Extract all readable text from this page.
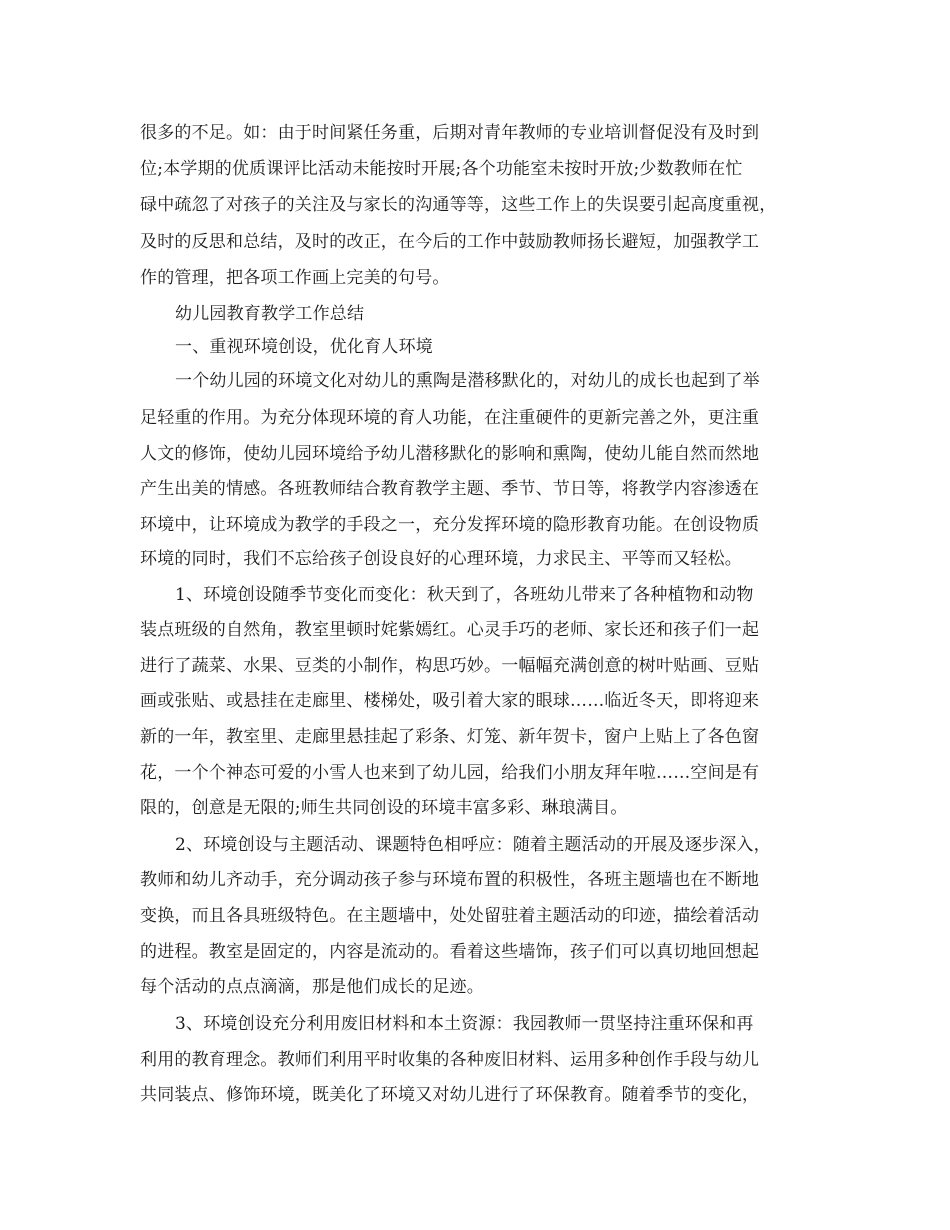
很多的不足。如：由于时间紧任务重，后期对青年教师的专业培训督促没有及时到
位;本学期的优质课评比活动未能按时开展;各个功能室未按时开放;少数教师在忙
碌中疏忽了对孩子的关注及与家长的沟通等等，这些工作上的失误要引起高度重视，
及时的反思和总结，及时的改正，在今后的工作中鼓励教师扬长避短，加强教学工
作的管理，把各项工作画上完美的句号。
幼儿园教育教学工作总结
一、重视环境创设，优化育人环境
一个幼儿园的环境文化对幼儿的熏陶是潜移默化的，对幼儿的成长也起到了举
足轻重的作用。为充分体现环境的育人功能，在注重硬件的更新完善之外，更注重
人文的修饰，使幼儿园环境给予幼儿潜移默化的影响和熏陶，使幼儿能自然而然地
产生出美的情感。各班教师结合教育教学主题、季节、节日等，将教学内容渗透在
环境中，让环境成为教学的手段之一，充分发挥环境的隐形教育功能。在创设物质
环境的同时，我们不忘给孩子创设良好的心理环境，力求民主、平等而又轻松。
1、环境创设随季节变化而变化：秋天到了，各班幼儿带来了各种植物和动物
装点班级的自然角，教室里顿时姹紫嫣红。心灵手巧的老师、家长还和孩子们一起
进行了蔬菜、水果、豆类的小制作，构思巧妙。一幅幅充满创意的树叶贴画、豆贴
画或张贴、或悬挂在走廊里、楼梯处，吸引着大家的眼球……临近冬天，即将迎来
新的一年，教室里、走廊里悬挂起了彩条、灯笼、新年贺卡，窗户上贴上了各色窗
花，一个个神态可爱的小雪人也来到了幼儿园，给我们小朋友拜年啦……空间是有
限的，创意是无限的;师生共同创设的环境丰富多彩、琳琅满目。
2、环境创设与主题活动、课题特色相呼应：随着主题活动的开展及逐步深入，
教师和幼儿齐动手，充分调动孩子参与环境布置的积极性，各班主题墙也在不断地
变换，而且各具班级特色。在主题墙中，处处留驻着主题活动的印迹，描绘着活动
的进程。教室是固定的，内容是流动的。看着这些墙饰，孩子们可以真切地回想起
每个活动的点点滴滴，那是他们成长的足迹。
3、环境创设充分利用废旧材料和本土资源：我园教师一贯坚持注重环保和再
利用的教育理念。教师们利用平时收集的各种废旧材料、运用多种创作手段与幼儿
共同装点、修饰环境，既美化了环境又对幼儿进行了环保教育。随着季节的变化，
